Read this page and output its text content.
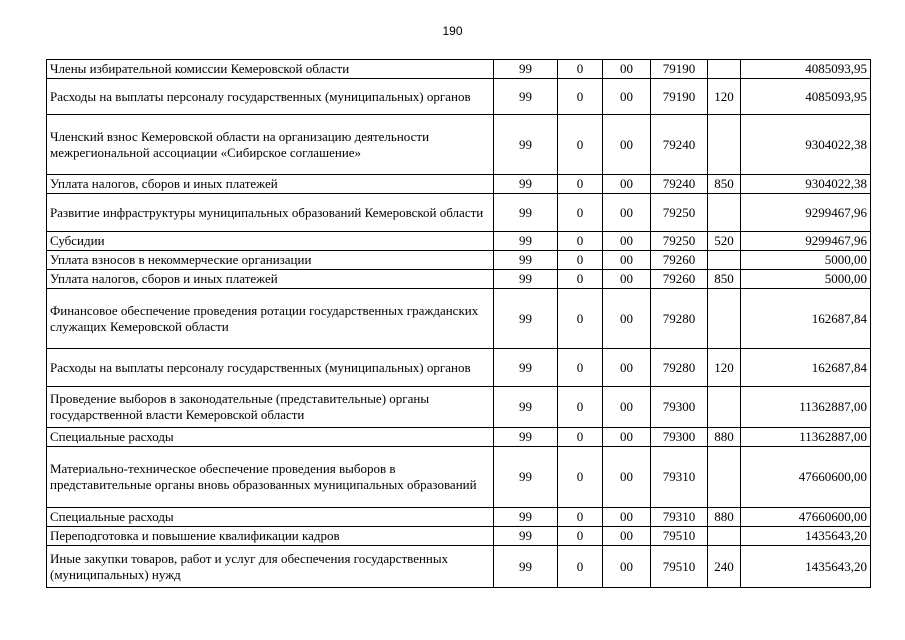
190
Члены избирательной комиссии Кемеровской области	99	0	00	79190		4085093,95
Расходы на выплаты персоналу государственных (муниципальных) органов	99	0	00	79190	120	4085093,95
Членский взнос Кемеровской области на организацию деятельности межрегиональной ассоциации «Сибирское соглашение»	99	0	00	79240		9304022,38
Уплата налогов, сборов и иных платежей	99	0	00	79240	850	9304022,38
Развитие инфраструктуры муниципальных образований Кемеровской области	99	0	00	79250		9299467,96
Субсидии	99	0	00	79250	520	9299467,96
Уплата взносов в некоммерческие организации	99	0	00	79260		5000,00
Уплата налогов, сборов и иных платежей	99	0	00	79260	850	5000,00
Финансовое обеспечение проведения ротации государственных гражданских служащих Кемеровской области	99	0	00	79280		162687,84
Расходы на выплаты персоналу государственных (муниципальных) органов	99	0	00	79280	120	162687,84
Проведение выборов в законодательные (представительные) органы государственной власти Кемеровской области	99	0	00	79300		11362887,00
Специальные расходы	99	0	00	79300	880	11362887,00
Материально-техническое обеспечение проведения выборов в представительные органы вновь образованных муниципальных образований	99	0	00	79310		47660600,00
Специальные расходы	99	0	00	79310	880	47660600,00
Переподготовка и повышение квалификации кадров	99	0	00	79510		1435643,20
Иные закупки товаров, работ и услуг для обеспечения государственных (муниципальных) нужд	99	0	00	79510	240	1435643,20
